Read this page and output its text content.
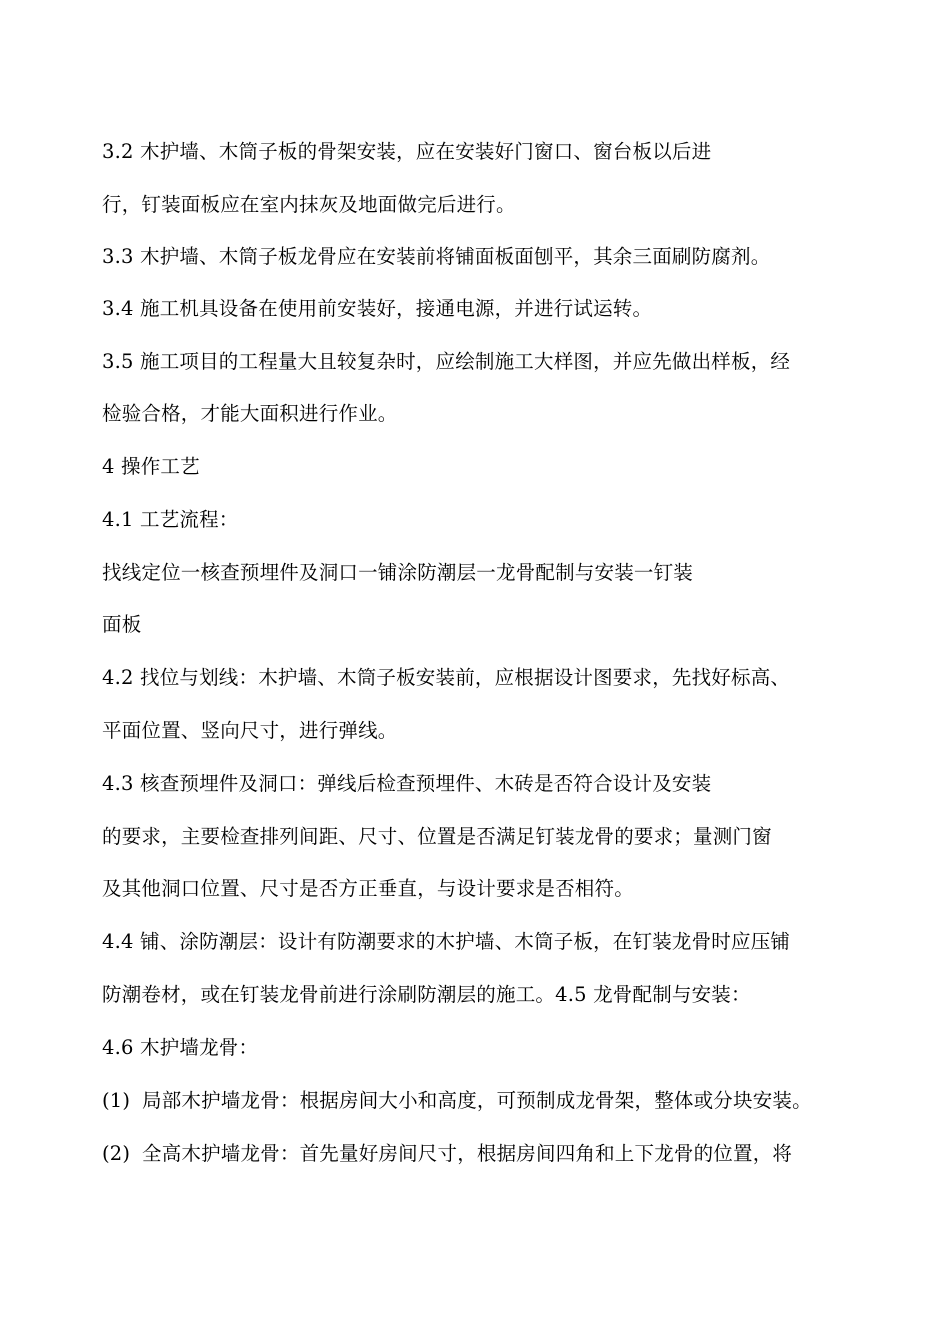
3.2 木护墙、木筒子板的骨架安装，应在安装好门窗口、窗台板以后进
行，钉装面板应在室内抹灰及地面做完后进行。
3.3 木护墙、木筒子板龙骨应在安装前将铺面板面刨平，其余三面刷防腐剂。
3.4 施工机具设备在使用前安装好，接通电源，并进行试运转。
3.5 施工项目的工程量大且较复杂时，应绘制施工大样图，并应先做出样板，经
检验合格，才能大面积进行作业。
4 操作工艺
4.1 工艺流程：
找线定位一核查预埋件及洞口一铺涂防潮层一龙骨配制与安装一钉装
面板
4.2 找位与划线：木护墙、木筒子板安装前，应根据设计图要求，先找好标高、
平面位置、竖向尺寸，进行弹线。
4.3 核查预埋件及洞口：弹线后检查预埋件、木砖是否符合设计及安装
的要求，主要检查排列间距、尺寸、位置是否满足钉装龙骨的要求；量测门窗
及其他洞口位置、尺寸是否方正垂直，与设计要求是否相符。
4.4 铺、涂防潮层：设计有防潮要求的木护墙、木筒子板，在钉装龙骨时应压铺
防潮卷材，或在钉装龙骨前进行涂刷防潮层的施工。4.5 龙骨配制与安装：
4.6 木护墙龙骨：
(1) 局部木护墙龙骨：根据房间大小和高度，可预制成龙骨架，整体或分块安装。
(2) 全高木护墙龙骨：首先量好房间尺寸，根据房间四角和上下龙骨的位置，将
